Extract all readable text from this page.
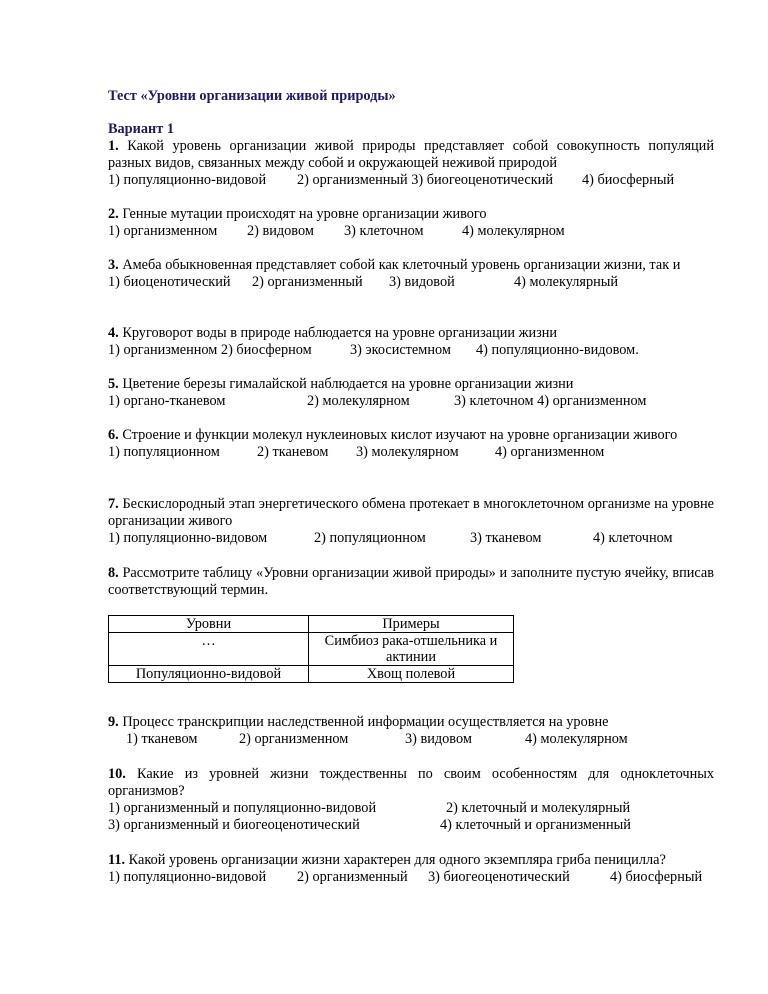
Тест «Уровни организации живой природы»
Вариант 1
1. Какой уровень организации живой природы представляет собой совокупность популяций разных видов, связанных между собой и окружающей неживой природой
1) популяционно-видовой 2) организменный 3) биогеоценотический 4) биосферный
2. Генные мутации происходят на уровне организации живого
1) организменном 2) видовом 3) клеточном	4) молекулярном
3. Амеба обыкновенная представляет собой как клеточный уровень организации жизни, так и
1) биоценотический 2) организменный 3) видовой	4) молекулярный
4. Круговорот воды в природе наблюдается на уровне организации жизни
1) организменном 2) биосферном	3) экосистемном 4) популяционно-видовом.
5. Цветение березы гималайской наблюдается на уровне организации жизни
1) органо-тканевом	2) молекулярном	3) клеточном 4) организменном
6. Строение и функции молекул нуклеиновых кислот изучают на уровне организации живого
1) популяционном	2) тканевом 3) молекулярном	4) организменном
7. Бескислородный этап энергетического обмена протекает в многоклеточном организме на уровне организации живого
1) популяционно-видовом	2) популяционном	3) тканевом	4) клеточном
8. Рассмотрите таблицу «Уровни организации живой природы» и заполните пустую ячейку, вписав соответствующий термин.
Уровни	Примеры
…	Симбиоз рака-отшельника и актинии
Популяционно-видовой	Хвощ полевой
9. Процесс транскрипции наследственной информации осуществляется на уровне
1) тканевом	2) организменном	3) видовом	4) молекулярном
10. Какие из уровней жизни тождественны по своим особенностям для одноклеточных организмов?
1) организменный и популяционно-видовой	2) клеточный и молекулярный
3) организменный и биогеоценотический	4) клеточный и организменный
11. Какой уровень организации жизни характерен для одного экземпляра гриба пеницилла?
1) популяционно-видовой 2) организменный 3) биогеоценотический	4) биосферный
